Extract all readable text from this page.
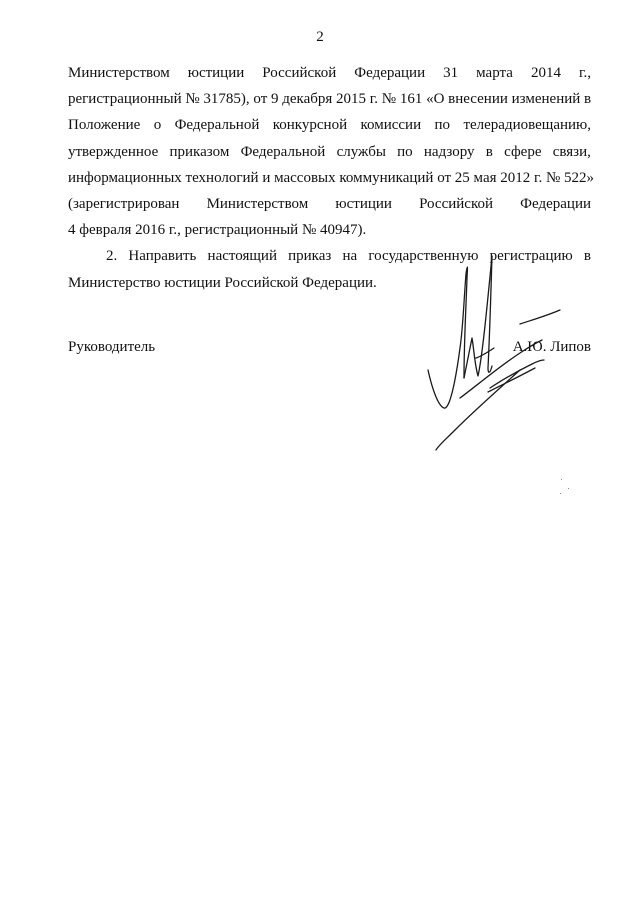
2
Министерством юстиции Российской Федерации 31 марта 2014 г.,
регистрационный № 31785), от 9 декабря 2015 г. № 161 «О внесении изменений в
Положение о Федеральной конкурсной комиссии по телерадиовещанию,
утвержденное приказом Федеральной службы по надзору в сфере связи,
информационных технологий и массовых коммуникаций от 25 мая 2012 г. № 522»
(зарегистрирован Министерством юстиции Российской Федерации
4 февраля 2016 г., регистрационный № 40947).
2. Направить настоящий приказ на государственную регистрацию в
Министерство юстиции Российской Федерации.
Руководитель	А.Ю. Липов
